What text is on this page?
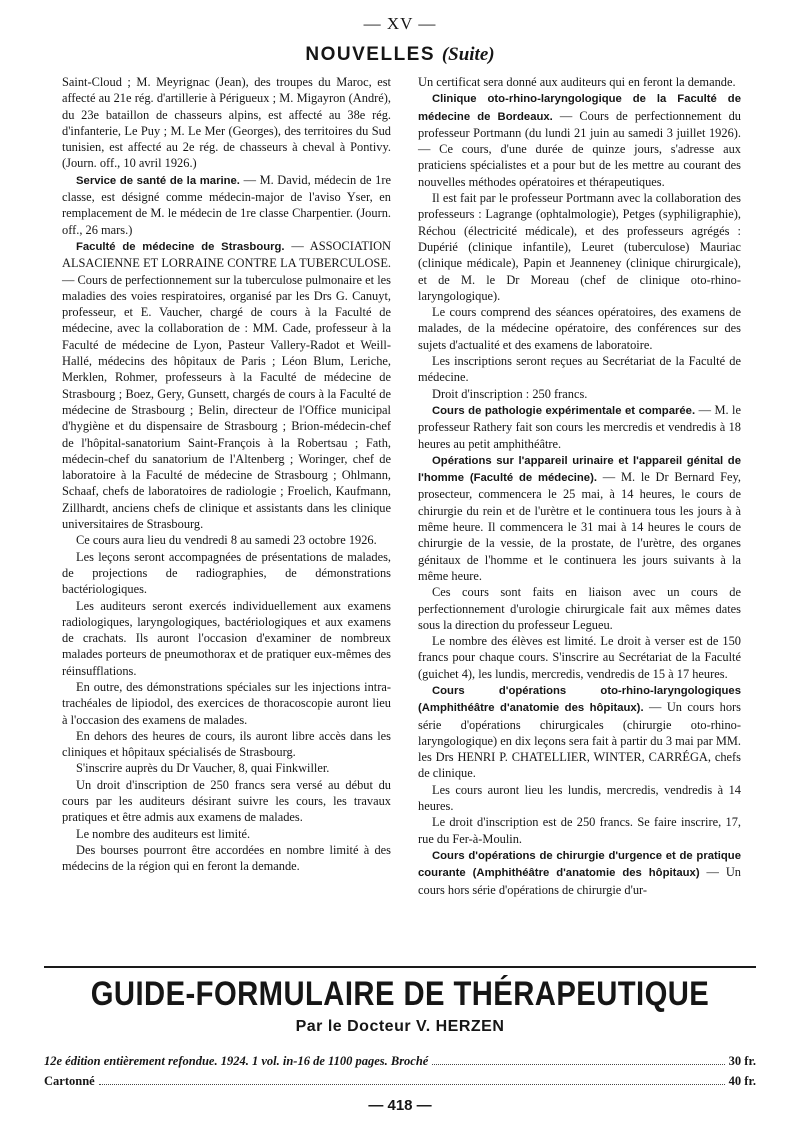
— XV —
NOUVELLES (Suite)

Saint-Cloud ; M. Meyrignac (Jean), des troupes du Maroc, est affecté au 21e rég. d'artillerie à Périgueux ; M. Migayron (André), du 23e bataillon de chasseurs alpins, est affecté au 38e rég. d'infanterie, Le Puy ; M. Le Mer (Georges), des territoires du Sud tunisien, est affecté au 2e rég. de chasseurs à cheval à Pontivy. (Journ. off., 10 avril 1926.)

Service de santé de la marine. — M. David, médecin de 1re classe, est désigné comme médecin-major de l'aviso Yser, en remplacement de M. le médecin de 1re classe Charpentier. (Journ. off., 26 mars.)

Faculté de médecine de Strasbourg. — ASSOCIATION ALSACIENNE ET LORRAINE CONTRE LA TUBERCULOSE. — Cours de perfectionnement sur la tuberculose pulmonaire et les maladies des voies respiratoires, organisé par les Drs G. Canuyt, professeur, et E. Vaucher, chargé de cours à la Faculté de médecine, avec la collaboration de : MM. Cade, professeur à la Faculté de médecine de Lyon, Pasteur Vallery-Radot et Weill-Hallé, médecins des hôpitaux de Paris ; Léon Blum, Leriche, Merklen, Rohmer, professeurs à la Faculté de médecine de Strasbourg ; Boez, Gery, Gunsett, chargés de cours à la Faculté de médecine de Strasbourg ; Belin, directeur de l'Office municipal d'hygiène et du dispensaire de Strasbourg ; Brion-médecin-chef de l'hôpital-sanatorium Saint-François à la Robertsau ; Fath, médecin-chef du sanatorium de l'Altenberg ; Woringer, chef de laboratoire à la Faculté de médecine de Strasbourg ; Ohlmann, Schaaf, chefs de laboratoires de radiologie ; Froelich, Kaufmann, Zillhardt, anciens chefs de clinique et assistants dans les clinique universitaires de Strasbourg.

Ce cours aura lieu du vendredi 8 au samedi 23 octobre 1926.

Les leçons seront accompagnées de présentations de malades, de projections de radiographies, de démonstrations bactériologiques.

Les auditeurs seront exercés individuellement aux examens radiologiques, laryngologiques, bactériologiques et aux examens de crachats. Ils auront l'occasion d'examiner de nombreux malades porteurs de pneumothorax et de pratiquer eux-mêmes des réinsufflations.

En outre, des démonstrations spéciales sur les injections intra-trachéales de lipiodol, des exercices de thoracoscopie auront lieu à l'occasion des examens de malades.

En dehors des heures de cours, ils auront libre accès dans les cliniques et hôpitaux spécialisés de Strasbourg.

S'inscrire auprès du Dr Vaucher, 8, quai Finkwiller.

Un droit d'inscription de 250 francs sera versé au début du cours par les auditeurs désirant suivre les cours, les travaux pratiques et être admis aux examens de malades.

Le nombre des auditeurs est limité.

Des bourses pourront être accordées en nombre limité à des médecins de la région qui en feront la demande.

Un certificat sera donné aux auditeurs qui en feront la demande.

Clinique oto-rhino-laryngologique de la Faculté de médecine de Bordeaux. — Cours de perfectionnement du professeur Portmann (du lundi 21 juin au samedi 3 juillet 1926). — Ce cours, d'une durée de quinze jours, s'adresse aux praticiens spécialistes et a pour but de les mettre au courant des nouvelles méthodes opératoires et thérapeutiques.

Il est fait par le professeur Portmann avec la collaboration des professeurs : Lagrange (ophtalmologie), Petges (syphiligraphie), Réchou (électricité médicale), et des professeurs agrégés : Dupérié (clinique infantile), Leuret (tuberculose) Mauriac (clinique médicale), Papin et Jeanneney (clinique chirurgicale), et de M. le Dr Moreau (chef de clinique oto-rhino-laryngologique).

Le cours comprend des séances opératoires, des examens de malades, de la médecine opératoire, des conférences sur des sujets d'actualité et des examens de laboratoire.

Les inscriptions seront reçues au Secrétariat de la Faculté de médecine.

Droit d'inscription : 250 francs.

Cours de pathologie expérimentale et comparée. — M. le professeur Rathery fait son cours les mercredis et vendredis à 18 heures au petit amphithéâtre.

Opérations sur l'appareil urinaire et l'appareil génital de l'homme (Faculté de médecine). — M. le Dr Bernard Fey, prosecteur, commencera le 25 mai, à 14 heures, le cours de chirurgie du rein et de l'urètre et le continuera tous les jours à à même heure. Il commencera le 31 mai à 14 heures le cours de chirurgie de la vessie, de la prostate, de l'urètre, des organes génitaux de l'homme et le continuera les jours suivants à la même heure.

Ces cours sont faits en liaison avec un cours de perfectionnement d'urologie chirurgicale fait aux mêmes dates sous la direction du professeur Legueu.

Le nombre des élèves est limité. Le droit à verser est de 150 francs pour chaque cours. S'inscrire au Secrétariat de la Faculté (guichet 4), les lundis, mercredis, vendredis de 15 à 17 heures.

Cours d'opérations oto-rhino-laryngologiques (Amphithéâtre d'anatomie des hôpitaux). — Un cours hors série d'opérations chirurgicales (chirurgie oto-rhino-laryngologique) en dix leçons sera fait à partir du 3 mai par MM. les Drs HENRI P. CHATELLIER, WINTER, CARRÉGA, chefs de clinique.

Les cours auront lieu les lundis, mercredis, vendredis à 14 heures.

Le droit d'inscription est de 250 francs. Se faire inscrire, 17, rue du Fer-à-Moulin.

Cours d'opérations de chirurgie d'urgence et de pratique courante (Amphithéâtre d'anatomie des hôpitaux) — Un cours hors série d'opérations de chirurgie d'ur-

GUIDE-FORMULAIRE DE THÉRAPEUTIQUE
Par le Docteur V. HERZEN
12e édition entièrement refondue. 1924. 1 vol. in-16 de 1100 pages. Broché	30 fr.
Cartonné	40 fr.
— 418 —
